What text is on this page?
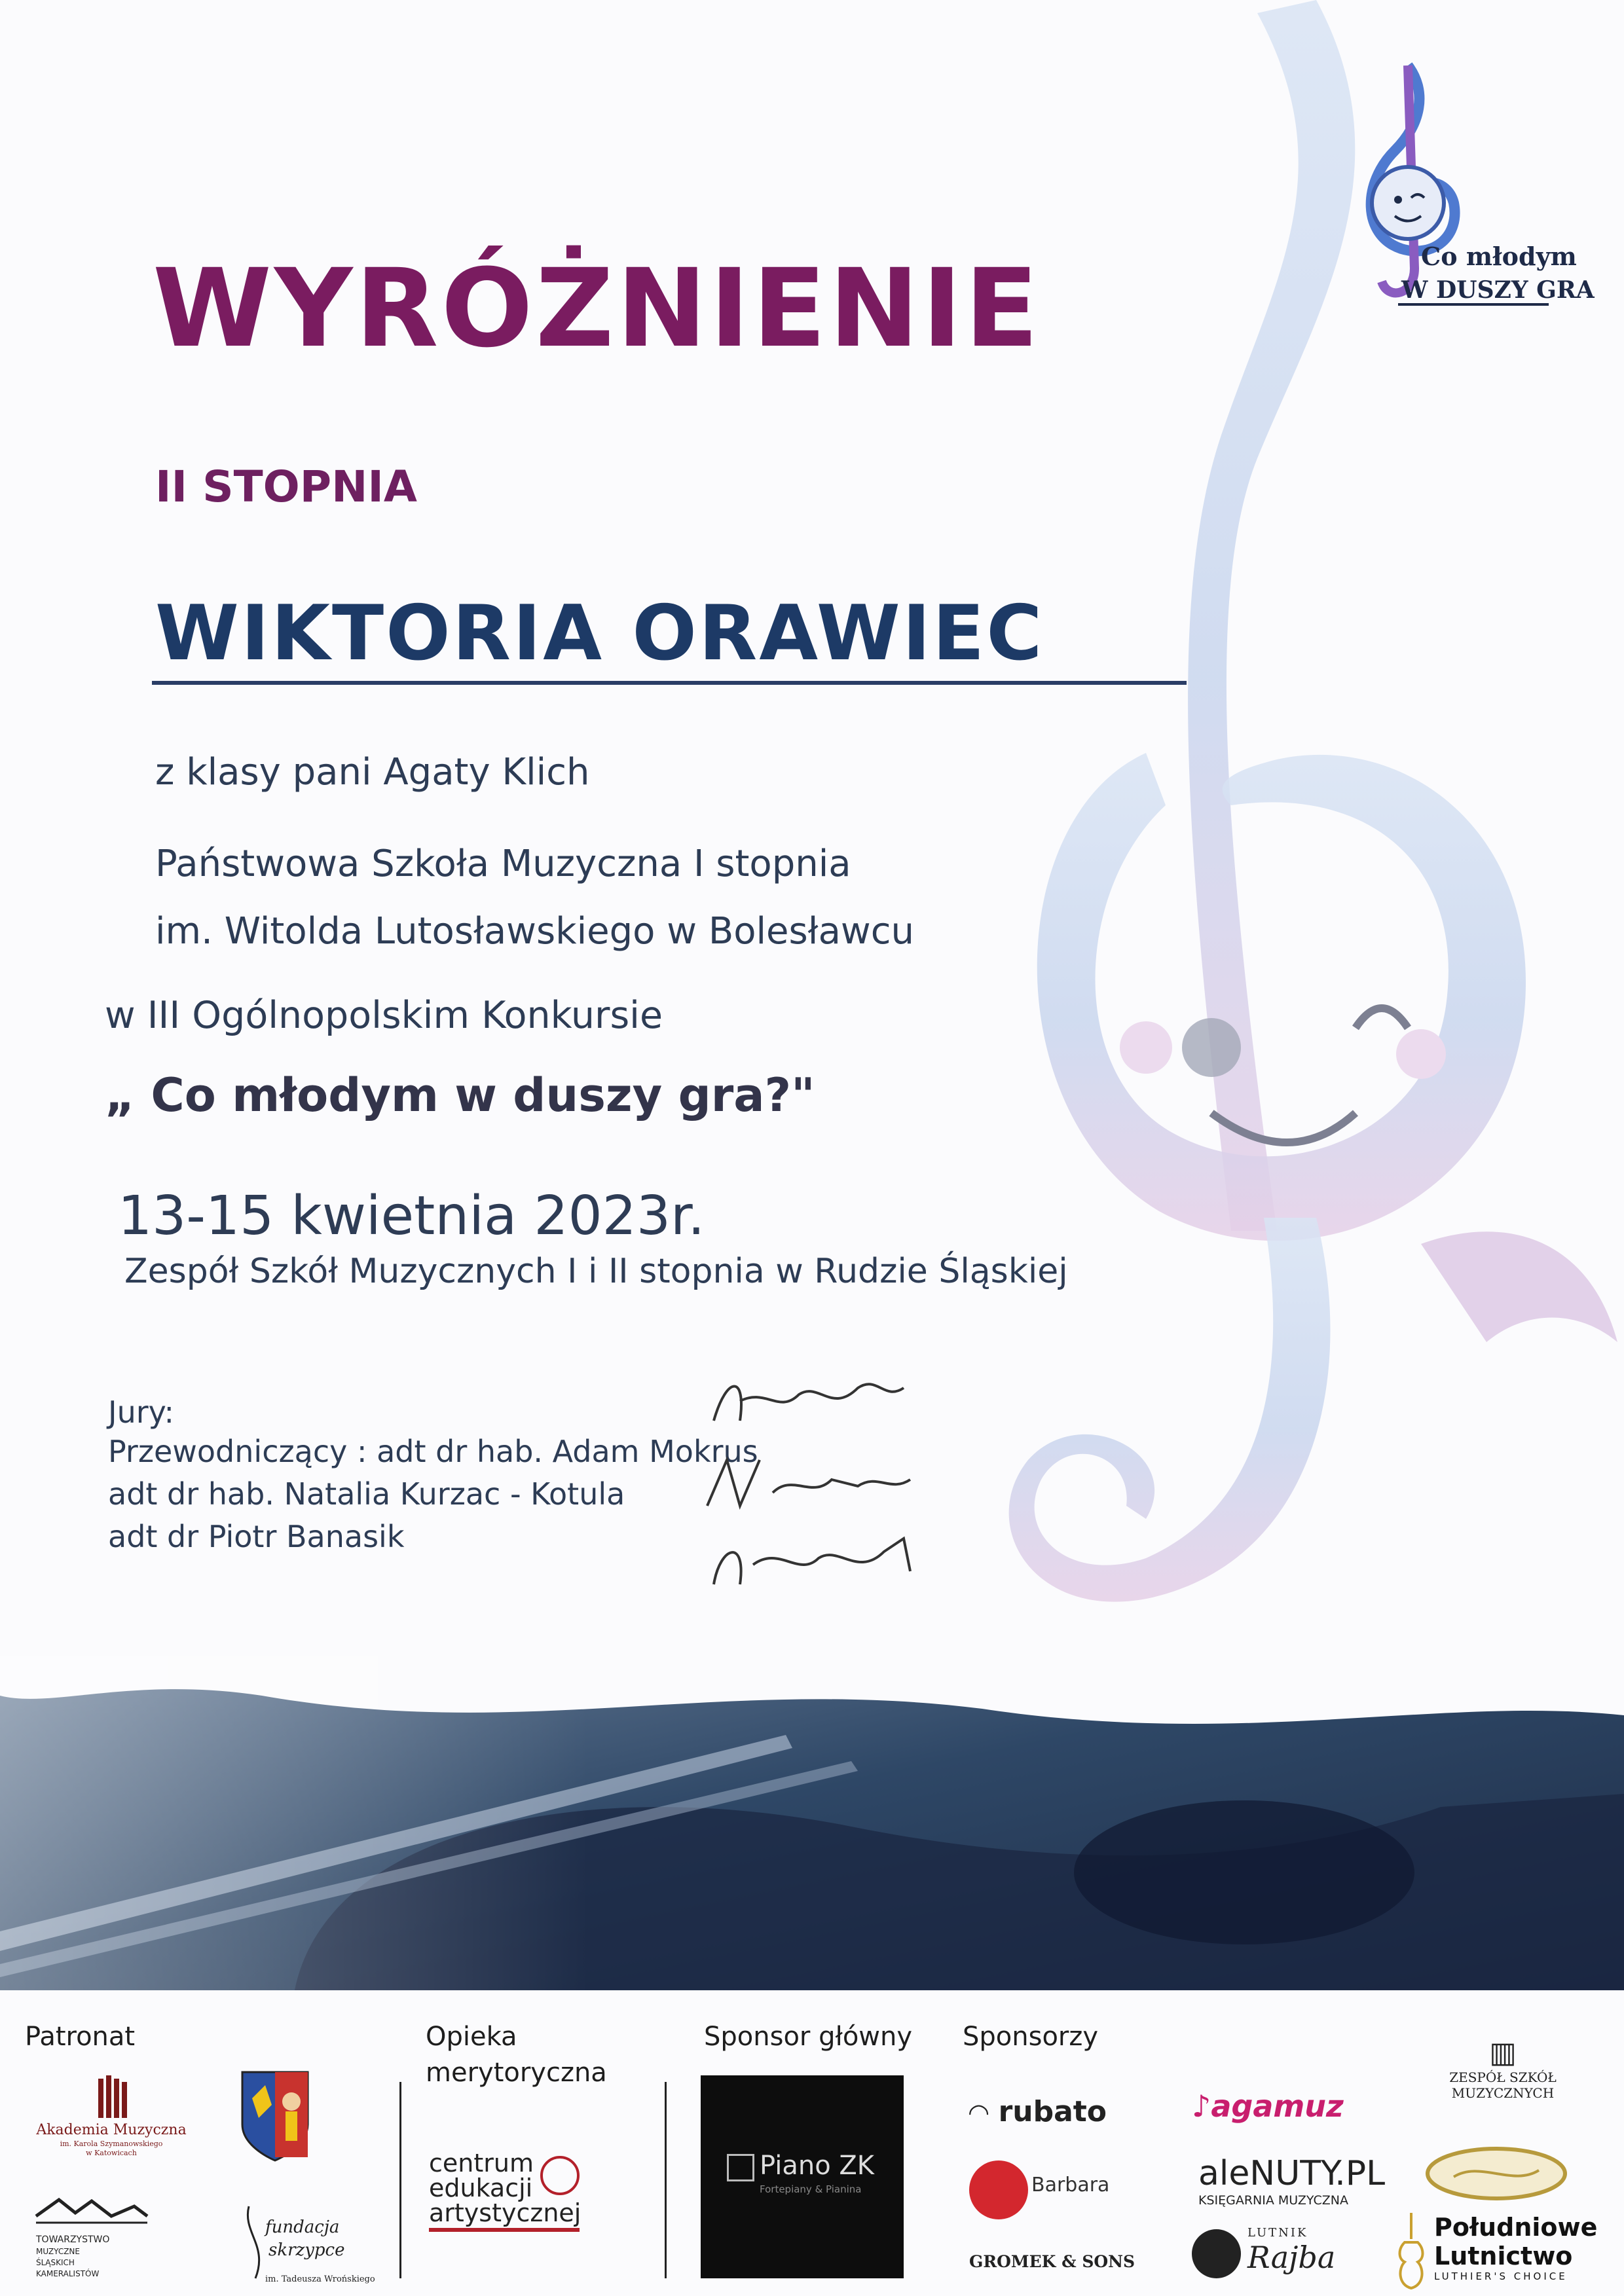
Co młodym
W DUSZY GRA
WYRÓŻNIENIE
II STOPNIA
WIKTORIA ORAWIEC
z klasy pani Agaty Klich
Państwowa Szkoła Muzyczna I stopnia
im. Witolda Lutosławskiego w Bolesławcu
w III Ogólnopolskim Konkursie
„ Co młodym w duszy gra?"
13-15 kwietnia 2023r.
Zespół Szkół Muzycznych I i II stopnia w Rudzie Śląskiej
Jury:
Przewodniczący : adt dr hab. Adam Mokrus
adt dr hab. Natalia Kurzac - Kotula
adt dr Piotr Banasik
Patronat	Opieka
merytoryczna
Sponsor główny Sponsorzy
Akademia Muzyczna
im. Karola Szymanowskiego
w Katowicach
TOWARZYSTWO
MUZYCZNE
ŚLĄSKICH
KAMERALISTÓW
fundacja
skrzypce
im. Tadeusza Wrońskiego
centrum
edukacji
artystycznej
Piano ZK
Fortepiany & Pianina
◠ rubato	♪agamuz
▥
ZESPÓŁ SZKÓŁ
MUZYCZNYCH
Barbara	aleNUTY.PL
KSIĘGARNIA MUZYCZNA
GROMEK & SONS
LUTNIK
Rajba
Południowe
Lutnictwo
LUTHIER'S CHOICE
